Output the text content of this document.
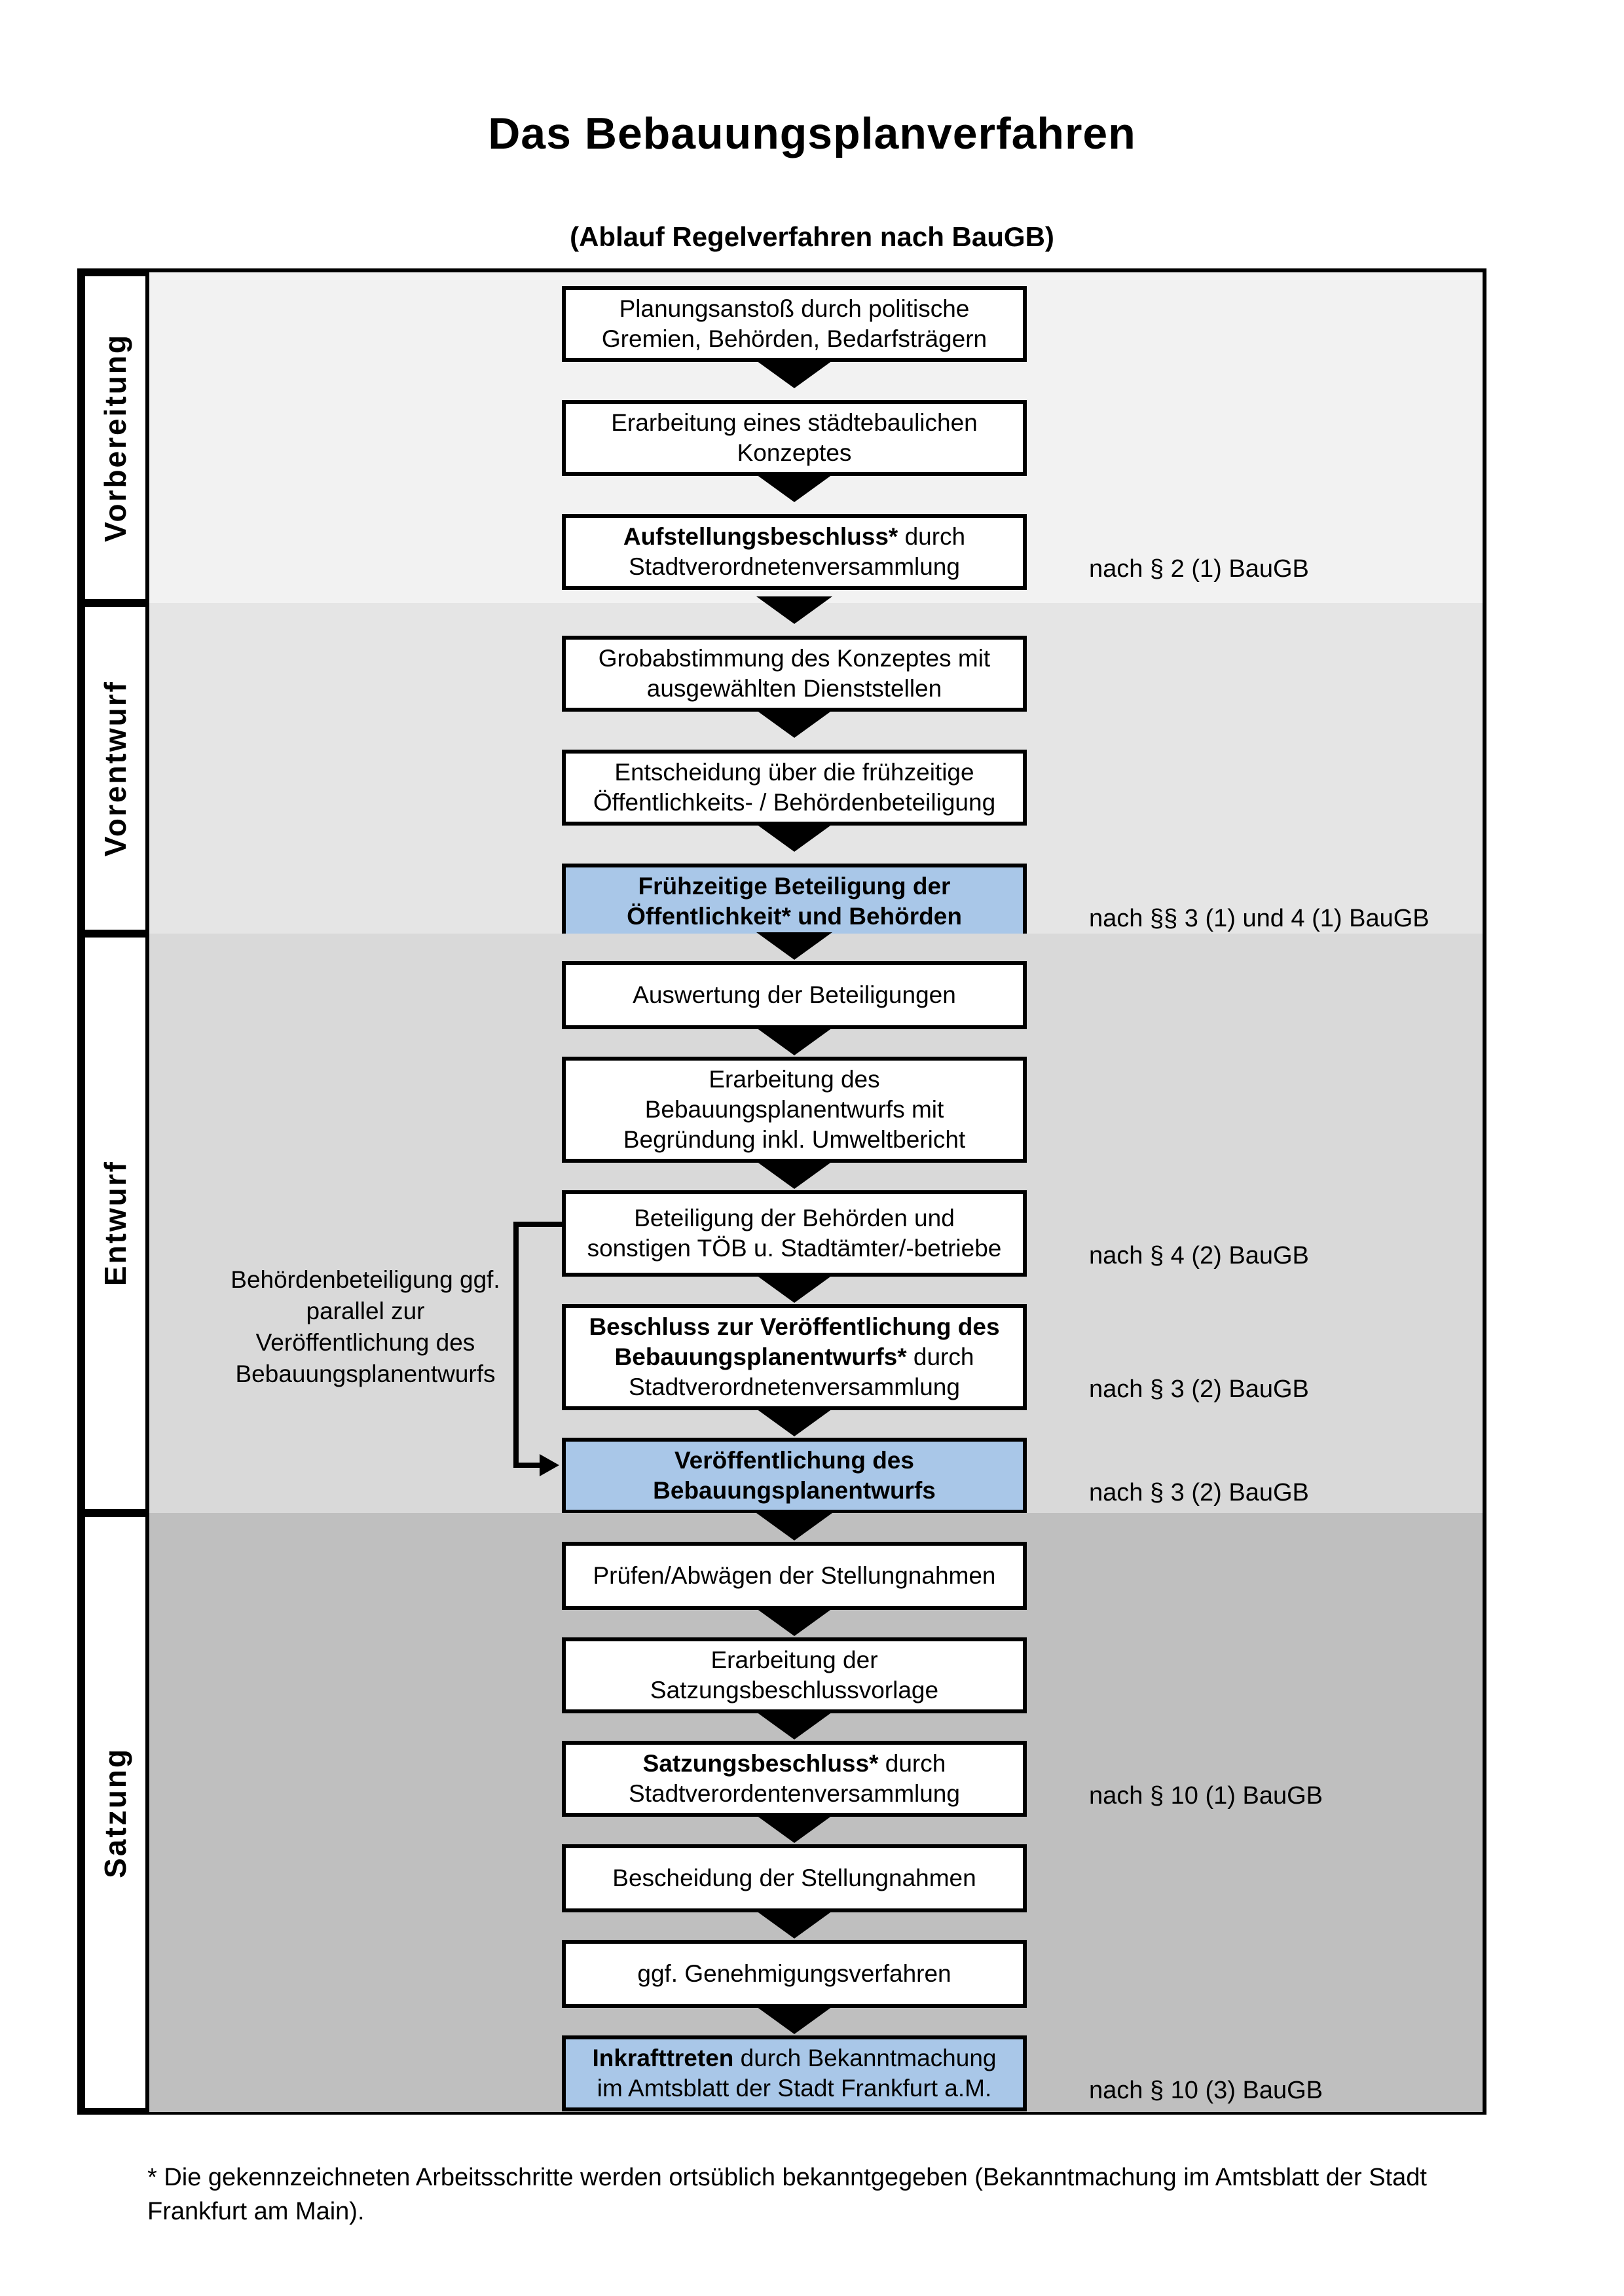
Das Bebauungsplanverfahren
(Ablauf Regelverfahren nach BauGB)
Vorbereitung

Planungsanstoß durch politische Gremien, Behörden, Bedarfsträgern

Erarbeitung eines städtebaulichen Konzeptes

Aufstellungsbeschluss* durch Stadtverordnetenversammlung	nach § 2 (1) BauGB
Vorentwurf

Grobabstimmung des Konzeptes mit ausgewählten Dienststellen

Entscheidung über die frühzeitige Öffentlichkeits- / Behördenbeteiligung

Frühzeitige Beteiligung der Öffentlichkeit* und Behörden	nach §§ 3 (1) und 4 (1) BauGB
Entwurf

Auswertung der Beteiligungen

Erarbeitung des Bebauungsplanentwurfs mit Begründung inkl. Umweltbericht

Beteiligung der Behörden und sonstigen TÖB u. Stadtämter/-betriebe	nach § 4 (2) BauGB

Beschluss zur Veröffentlichung des Bebauungsplanentwurfs* durch Stadtverordnetenversammlung	nach § 3 (2) BauGB

Veröffentlichung des Bebauungsplanentwurfs	nach § 3 (2) BauGB
Behördenbeteiligung ggf. parallel zur Veröffentlichung des Bebauungsplanentwurfs
Satzung

Prüfen/Abwägen der Stellungnahmen

Erarbeitung der Satzungsbeschlussvorlage

Satzungsbeschluss* durch Stadtverordentenversammlung	nach § 10 (1) BauGB

Bescheidung der Stellungnahmen

ggf. Genehmigungsverfahren

Inkrafttreten durch Bekanntmachung im Amtsblatt der Stadt Frankfurt a.M.	nach § 10 (3) BauGB
* Die gekennzeichneten Arbeitsschritte werden ortsüblich bekanntgegeben (Bekanntmachung im Amtsblatt der Stadt Frankfurt am Main).
